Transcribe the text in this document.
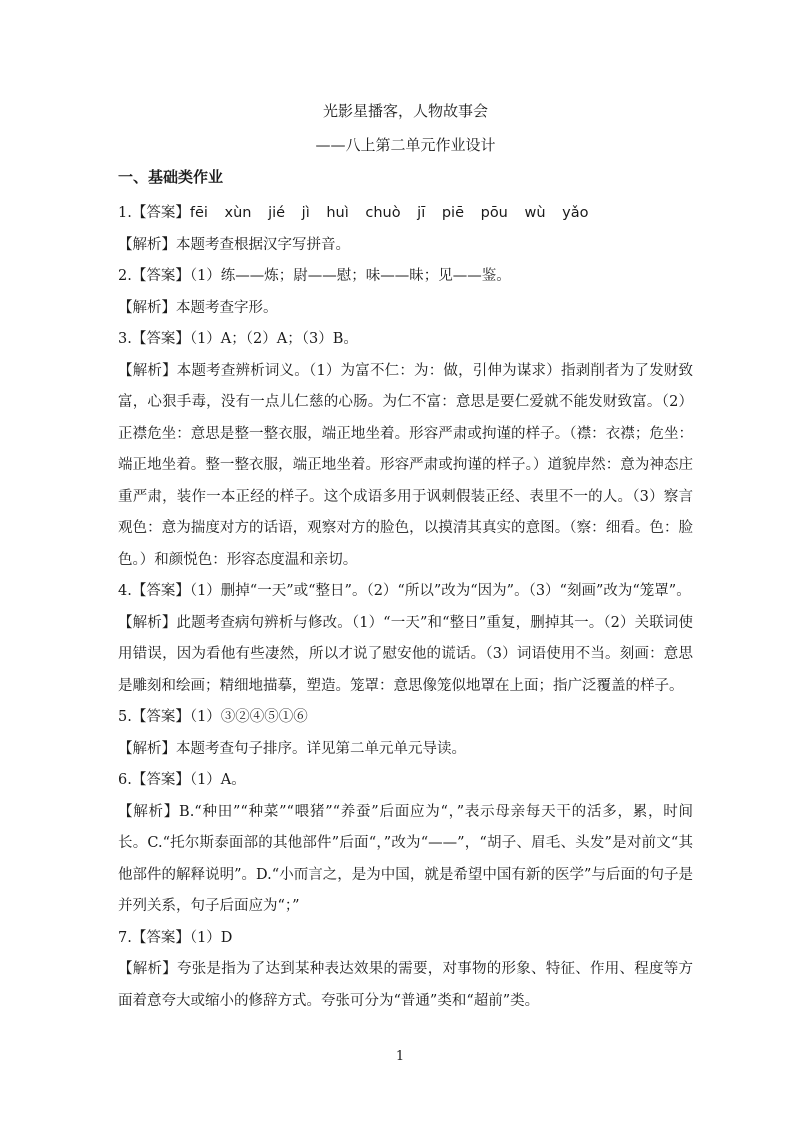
光影星播客，人物故事会

——八上第二单元作业设计

一、基础类作业

1.【答案】fēi xùn jié jì huì chuò jī piē pōu wù yǎo

【解析】本题考查根据汉字写拼音。

2.【答案】（1）练——炼；尉——慰；味——昧；见——鉴。

【解析】本题考查字形。

3.【答案】（1）A；（2）A；（3）B。

【解析】本题考查辨析词义。（1）为富不仁：为：做，引伸为谋求）指剥削者为了发财致富，心狠手毒，没有一点儿仁慈的心肠。为仁不富：意思是要仁爱就不能发财致富。（2）正襟危坐：意思是整一整衣服，端正地坐着。形容严肃或拘谨的样子。（襟：衣襟；危坐：端正地坐着。整一整衣服，端正地坐着。形容严肃或拘谨的样子。）道貌岸然：意为神态庄重严肃，装作一本正经的样子。这个成语多用于讽刺假装正经、表里不一的人。（3）察言观色：意为揣度对方的话语，观察对方的脸色，以摸清其真实的意图。（察：细看。色：脸色。）和颜悦色：形容态度温和亲切。

4.【答案】（1）删掉“一天”或“整日”。（2）“所以”改为“因为”。（3）“刻画”改为“笼罩”。

【解析】此题考查病句辨析与修改。（1）“一天”和“整日”重复，删掉其一。（2）关联词使用错误，因为看他有些凄然，所以才说了慰安他的谎话。（3）词语使用不当。刻画：意思是雕刻和绘画；精细地描摹，塑造。笼罩：意思像笼似地罩在上面；指广泛覆盖的样子。

5.【答案】（1）③②④⑤①⑥

【解析】本题考查句子排序。详见第二单元单元导读。

6.【答案】（1）A。

【解析】B.“种田”“种菜”“喂猪”“养蚕”后面应为“，”表示母亲每天干的活多，累，时间长。C.“托尔斯泰面部的其他部件”后面“，”改为“——”，“胡子、眉毛、头发”是对前文“其他部件的解释说明”。D.“小而言之，是为中国，就是希望中国有新的医学”与后面的句子是并列关系，句子后面应为“；”

7.【答案】（1）D

【解析】夸张是指为了达到某种表达效果的需要，对事物的形象、特征、作用、程度等方面着意夸大或缩小的修辞方式。夸张可分为“普通”类和“超前”类。

1
